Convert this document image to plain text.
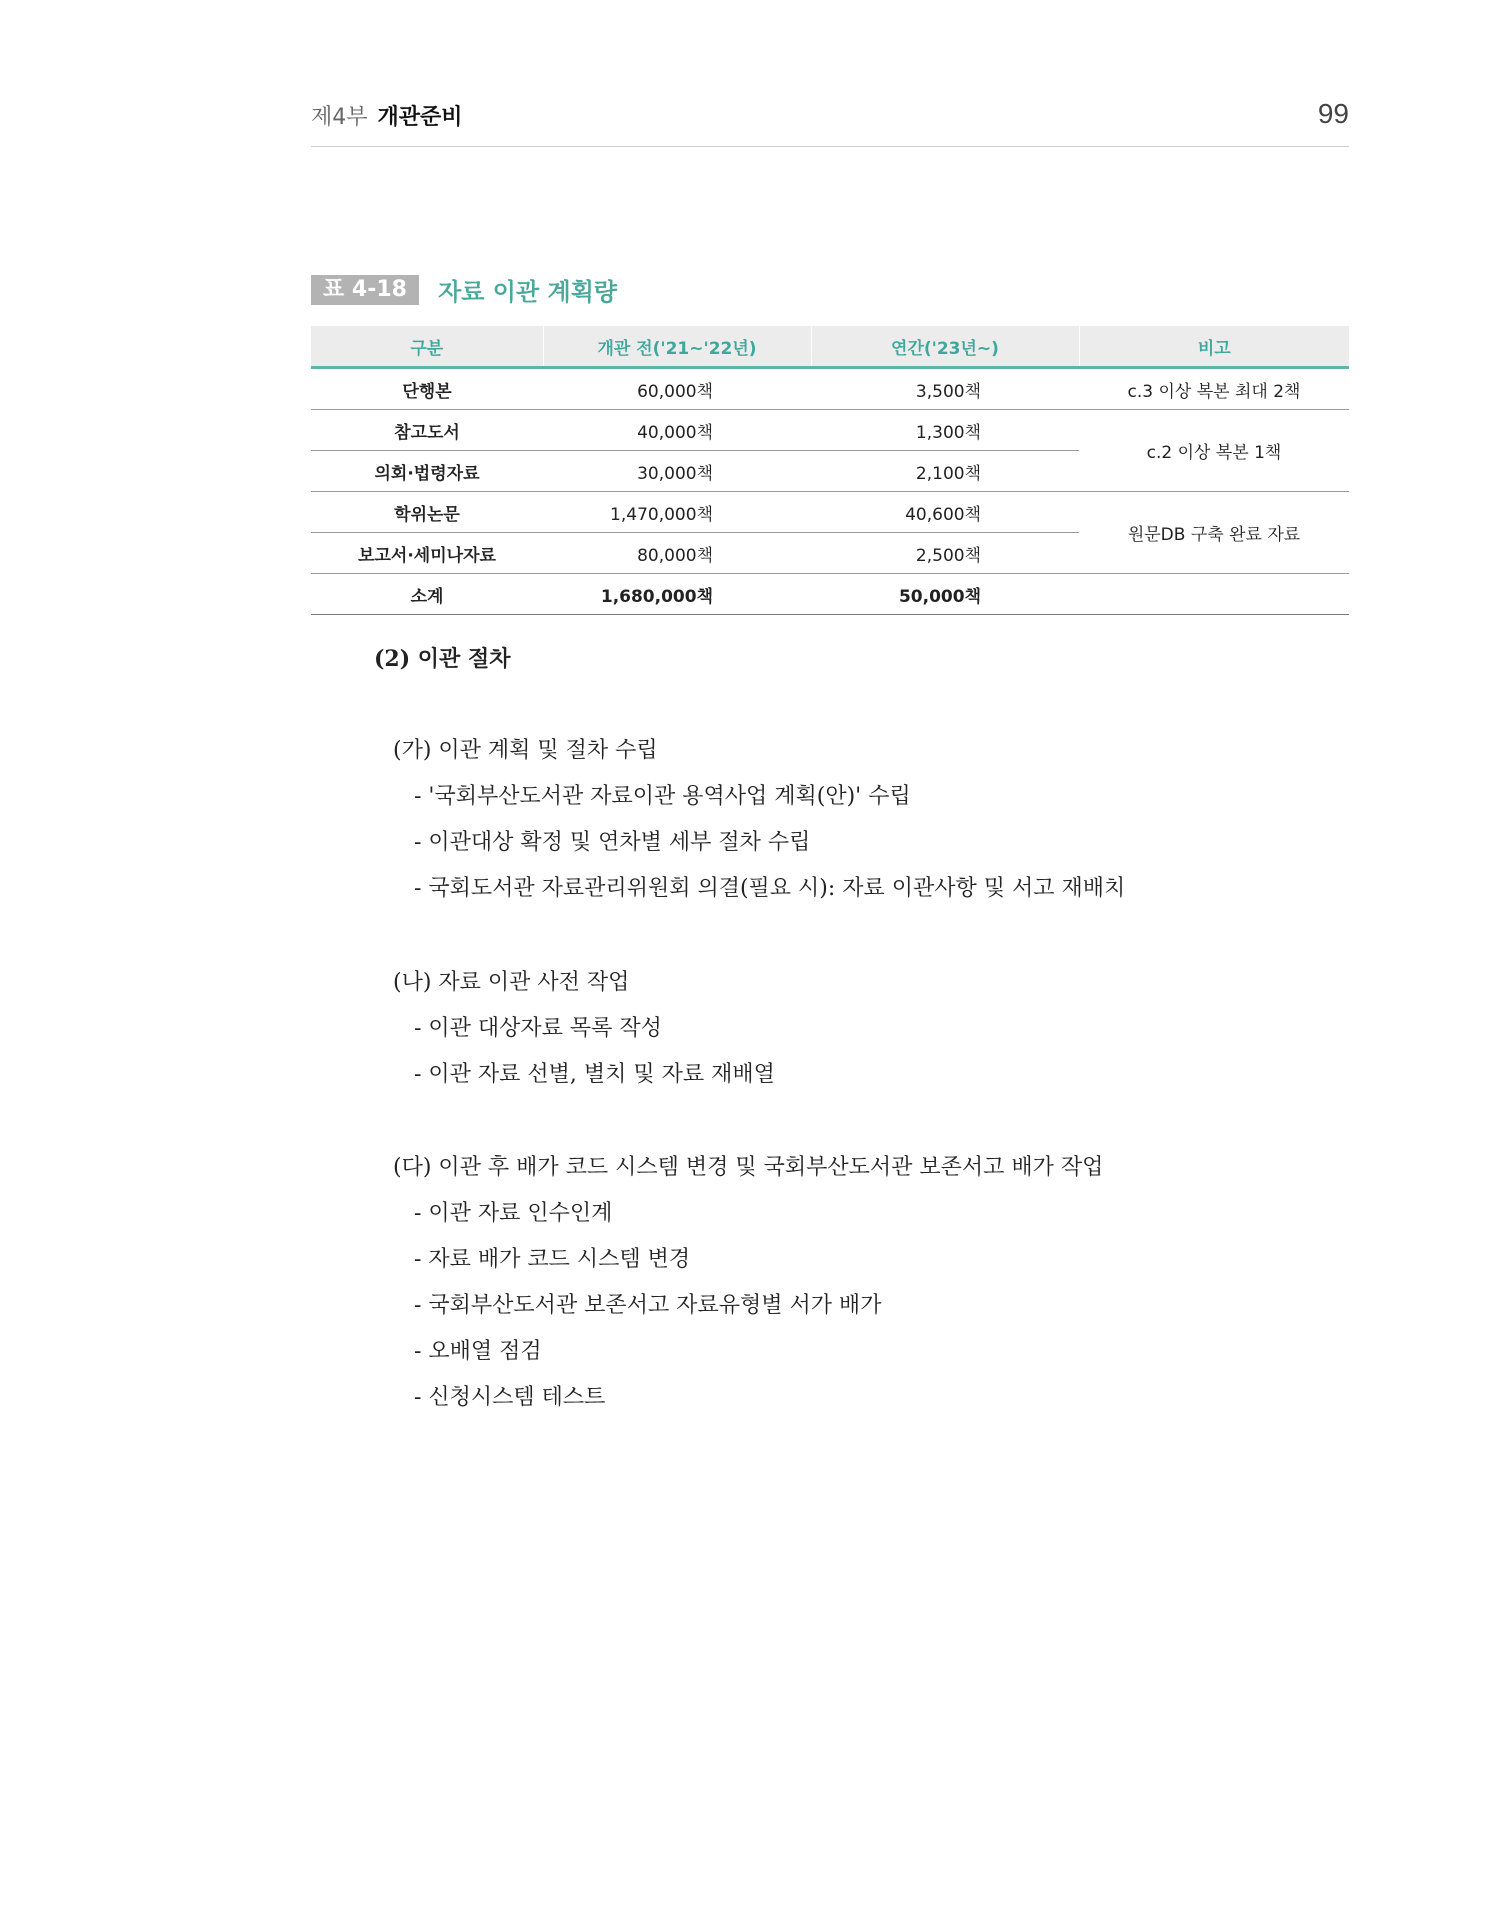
제4부 개관준비	99
표 4-18 자료 이관 계획량
구분	개관 전('21~'22년)	연간('23년~)	비고
단행본	60,000책	3,500책	c.3 이상 복본 최대 2책
참고도서	40,000책	1,300책	c.2 이상 복본 1책
의회·법령자료	30,000책	2,100책	
학위논문	1,470,000책	40,600책	원문DB 구축 완료 자료
보고서·세미나자료	80,000책	2,500책	
소계	1,680,000책	50,000책	
(2) 이관 절차
(가) 이관 계획 및 절차 수립
- '국회부산도서관 자료이관 용역사업 계획(안)' 수립
- 이관대상 확정 및 연차별 세부 절차 수립
- 국회도서관 자료관리위원회 의결(필요 시): 자료 이관사항 및 서고 재배치
(나) 자료 이관 사전 작업
- 이관 대상자료 목록 작성
- 이관 자료 선별, 별치 및 자료 재배열
(다) 이관 후 배가 코드 시스템 변경 및 국회부산도서관 보존서고 배가 작업
- 이관 자료 인수인계
- 자료 배가 코드 시스템 변경
- 국회부산도서관 보존서고 자료유형별 서가 배가
- 오배열 점검
- 신청시스템 테스트
